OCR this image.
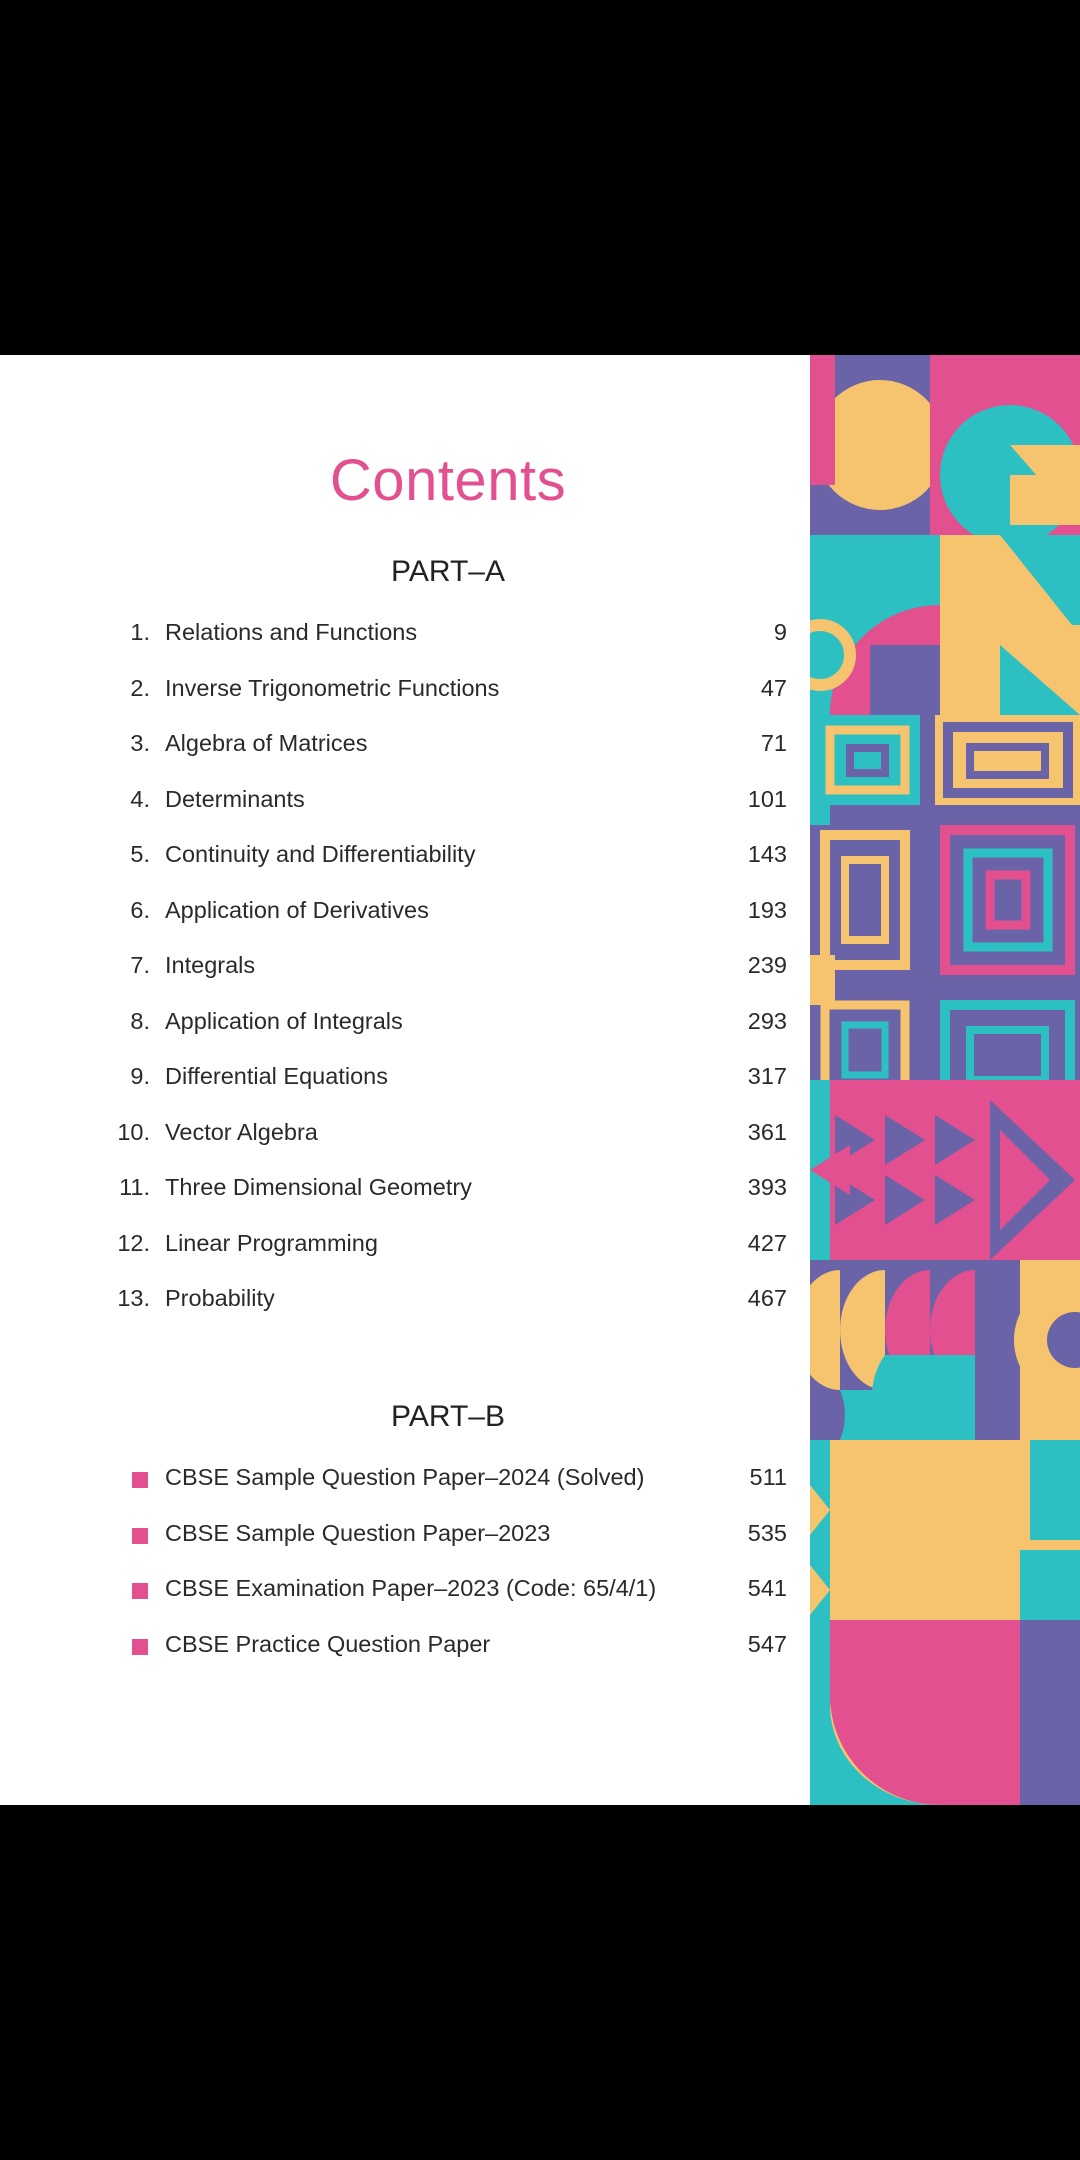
Contents
PART–A
1. Relations and Functions	9
2. Inverse Trigonometric Functions	47
3. Algebra of Matrices	71
4. Determinants	101
5. Continuity and Differentiability	143
6. Application of Derivatives	193
7. Integrals	239
8. Application of Integrals	293
9. Differential Equations	317
10. Vector Algebra	361
11. Three Dimensional Geometry	393
12. Linear Programming	427
13. Probability	467
PART–B
CBSE Sample Question Paper–2024 (Solved)	511
CBSE Sample Question Paper–2023	535
CBSE Examination Paper–2023 (Code: 65/4/1)	541
CBSE Practice Question Paper	547
